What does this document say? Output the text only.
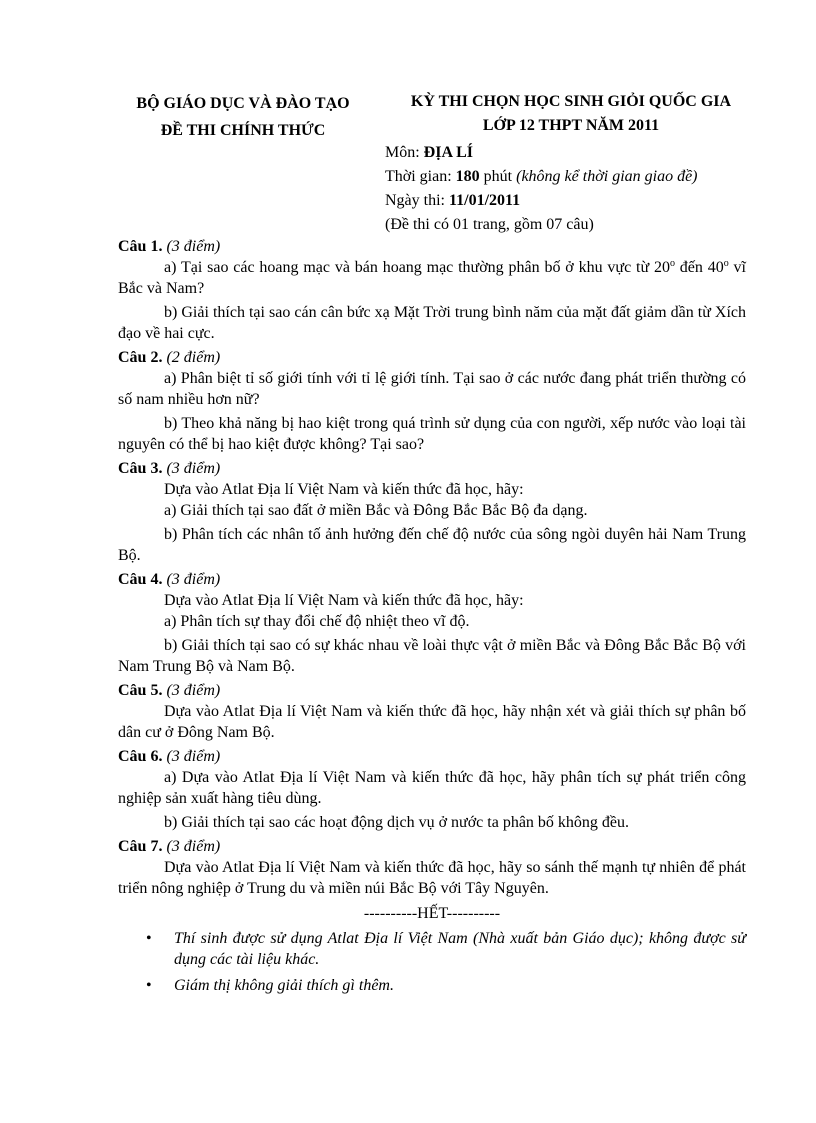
BỘ GIÁO DỤC VÀ ĐÀO TẠO
ĐỀ THI CHÍNH THỨC
KỲ THI CHỌN HỌC SINH GIỎI QUỐC GIA
LỚP 12 THPT NĂM 2011
Môn: ĐỊA LÍ
Thời gian: 180 phút (không kể thời gian giao đề)
Ngày thi: 11/01/2011
(Đề thi có 01 trang, gồm 07 câu)
Câu 1. (3 điểm)
a) Tại sao các hoang mạc và bán hoang mạc thường phân bố ở khu vực từ 20$^o$ đến 40$^o$ vĩ Bắc và Nam?
b) Giải thích tại sao cán cân bức xạ Mặt Trời trung bình năm của mặt đất giảm dần từ Xích đạo về hai cực.
Câu 2. (2 điểm)
a) Phân biệt tỉ số giới tính với tỉ lệ giới tính. Tại sao ở các nước đang phát triển thường có số nam nhiều hơn nữ?
b) Theo khả năng bị hao kiệt trong quá trình sử dụng của con người, xếp nước vào loại tài nguyên có thể bị hao kiệt được không? Tại sao?
Câu 3. (3 điểm)
Dựa vào Atlat Địa lí Việt Nam và kiến thức đã học, hãy:
a) Giải thích tại sao đất ở miền Bắc và Đông Bắc Bắc Bộ đa dạng.
b) Phân tích các nhân tố ảnh hưởng đến chế độ nước của sông ngòi duyên hải Nam Trung Bộ.
Câu 4. (3 điểm)
Dựa vào Atlat Địa lí Việt Nam và kiến thức đã học, hãy:
a) Phân tích sự thay đổi chế độ nhiệt theo vĩ độ.
b) Giải thích tại sao có sự khác nhau về loài thực vật ở miền Bắc và Đông Bắc Bắc Bộ với Nam Trung Bộ và Nam Bộ.
Câu 5. (3 điểm)
Dựa vào Atlat Địa lí Việt Nam và kiến thức đã học, hãy nhận xét và giải thích sự phân bố dân cư ở Đông Nam Bộ.
Câu 6. (3 điểm)
a) Dựa vào Atlat Địa lí Việt Nam và kiến thức đã học, hãy phân tích sự phát triển công nghiệp sản xuất hàng tiêu dùng.
b) Giải thích tại sao các hoạt động dịch vụ ở nước ta phân bố không đều.
Câu 7. (3 điểm)
Dựa vào Atlat Địa lí Việt Nam và kiến thức đã học, hãy so sánh thế mạnh tự nhiên để phát triển nông nghiệp ở Trung du và miền núi Bắc Bộ với Tây Nguyên.
----------HẾT----------
•	Thí sinh được sử dụng Atlat Địa lí Việt Nam (Nhà xuất bản Giáo dục); không được sử dụng các tài liệu khác.
•	Giám thị không giải thích gì thêm.
